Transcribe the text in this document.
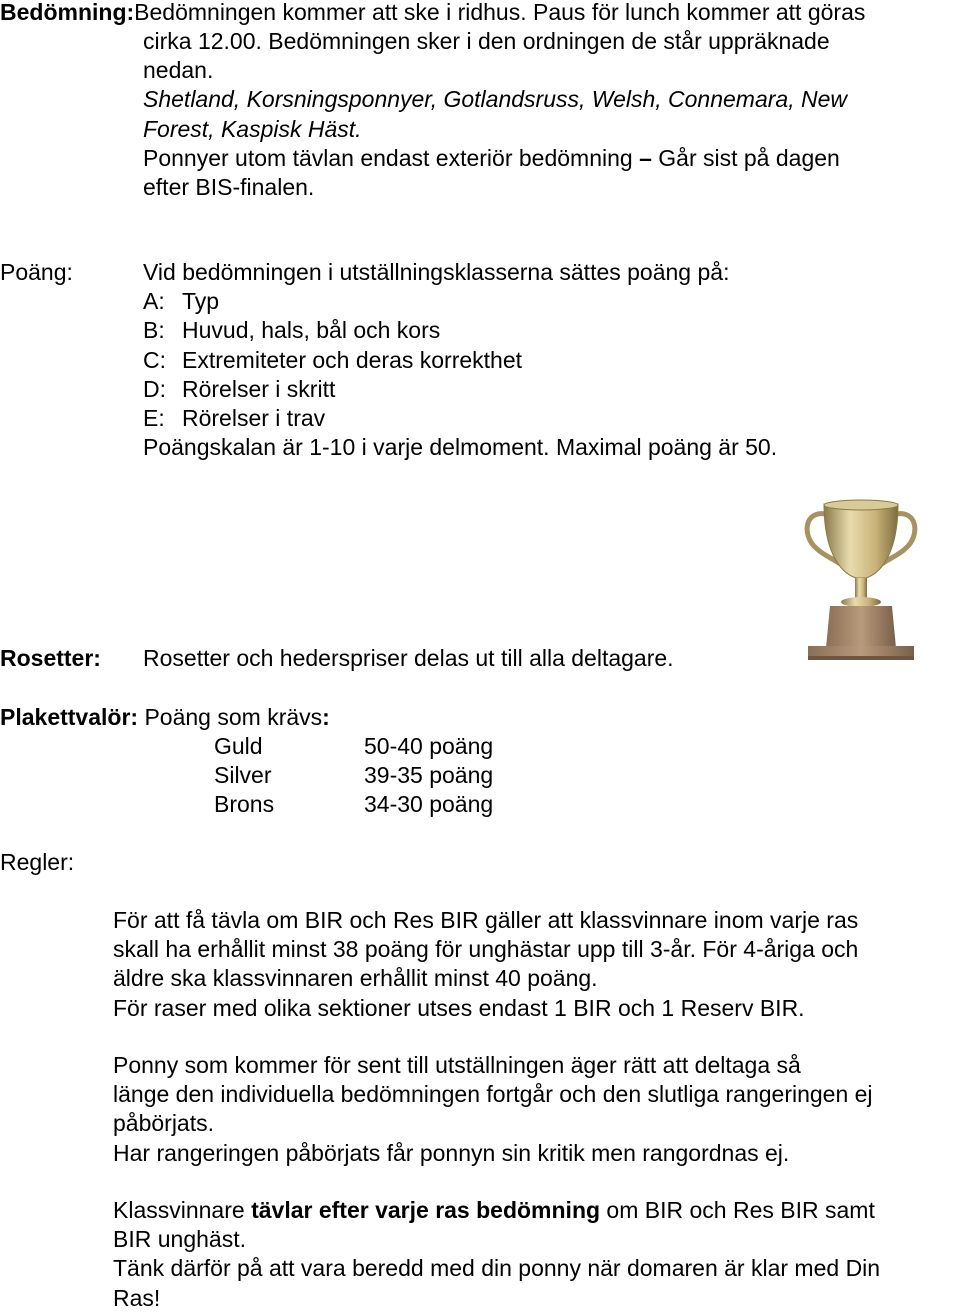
Bedömning:Bedömningen kommer att ske i ridhus. Paus för lunch kommer att göras
cirka 12.00. Bedömningen sker i den ordningen de står uppräknade
nedan.
Shetland, Korsningsponnyer, Gotlandsruss, Welsh, Connemara, New
Forest, Kaspisk Häst.
Ponnyer utom tävlan endast exteriör bedömning – Går sist på dagen
efter BIS-finalen.
Poäng:	Vid bedömningen i utställningsklasserna sättes poäng på:
A: Typ
B: Huvud, hals, bål och kors
C: Extremiteter och deras korrekthet
D: Rörelser i skritt
E: Rörelser i trav
Poängskalan är 1-10 i varje delmoment. Maximal poäng är 50.
Rosetter: Rosetter och hederspriser delas ut till alla deltagare.
Plakettvalör: Poäng som krävs:
Guld	50-40 poäng
Silver	39-35 poäng
Brons	34-30 poäng
Regler:
För att få tävla om BIR och Res BIR gäller att klassvinnare inom varje ras
skall ha erhållit minst 38 poäng för unghästar upp till 3-år. För 4-åriga och
äldre ska klassvinnaren erhållit minst 40 poäng.
För raser med olika sektioner utses endast 1 BIR och 1 Reserv BIR.
Ponny som kommer för sent till utställningen äger rätt att deltaga så
länge den individuella bedömningen fortgår och den slutliga rangeringen ej
påbörjats.
Har rangeringen påbörjats får ponnyn sin kritik men rangordnas ej.
Klassvinnare tävlar efter varje ras bedömning om BIR och Res BIR samt
BIR unghäst.
Tänk därför på att vara beredd med din ponny när domaren är klar med Din
Ras!
